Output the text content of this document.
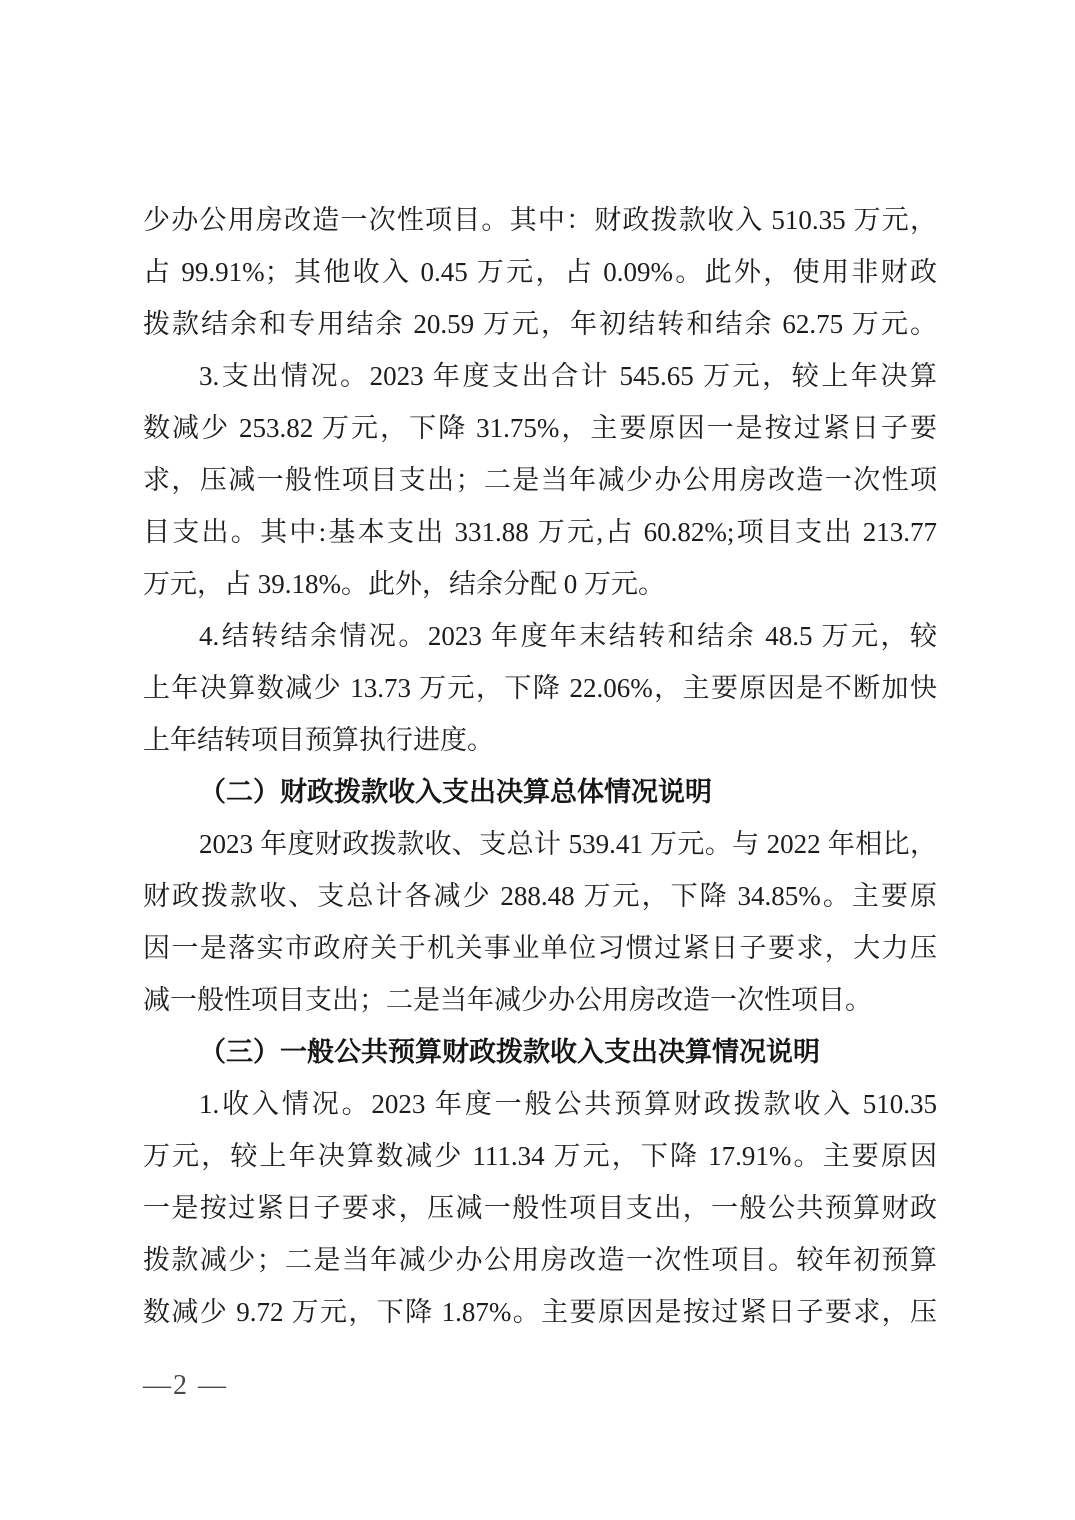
少办公用房改造一次性项目。其中：财政拨款收入 510.35 万元，

占 99.91%；其他收入 0.45 万元，占 0.09%。此外，使用非财政

拨款结余和专用结余 20.59 万元，年初结转和结余 62.75 万元。

3.支出情况。2023 年度支出合计 545.65 万元，较上年决算

数减少 253.82 万元，下降 31.75%，主要原因一是按过紧日子要

求，压减一般性项目支出；二是当年减少办公用房改造一次性项

目支出。其中:基本支出 331.88 万元,占 60.82%;项目支出 213.77

万元，占 39.18%。此外，结余分配 0 万元。

4.结转结余情况。2023 年度年末结转和结余 48.5 万元，较

上年决算数减少 13.73 万元，下降 22.06%，主要原因是不断加快

上年结转项目预算执行进度。

（二）财政拨款收入支出决算总体情况说明

2023 年度财政拨款收、支总计 539.41 万元。与 2022 年相比，

财政拨款收、支总计各减少 288.48 万元，下降 34.85%。主要原

因一是落实市政府关于机关事业单位习惯过紧日子要求，大力压

减一般性项目支出；二是当年减少办公用房改造一次性项目。

（三）一般公共预算财政拨款收入支出决算情况说明

1.收入情况。2023 年度一般公共预算财政拨款收入 510.35

万元，较上年决算数减少 111.34 万元，下降 17.91%。主要原因

一是按过紧日子要求，压减一般性项目支出，一般公共预算财政

拨款减少；二是当年减少办公用房改造一次性项目。较年初预算

数减少 9.72 万元，下降 1.87%。主要原因是按过紧日子要求，压

—2 —
